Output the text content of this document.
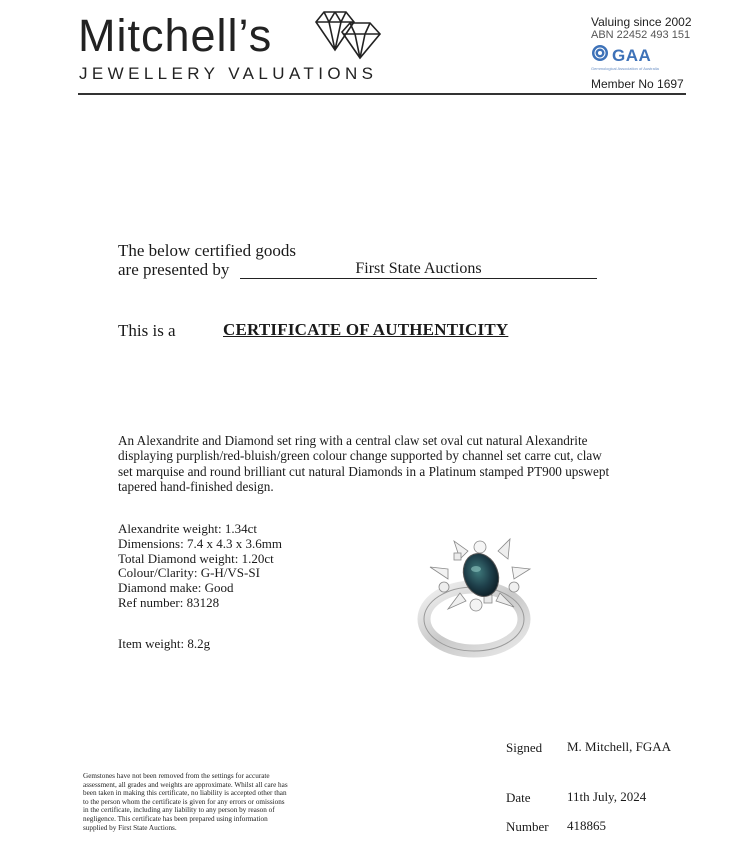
Mitchell’s
JEWELLERY VALUATIONS
Valuing since 2002
ABN 22452 493 151
GAA
Gemmological Association of Australia
Member No 1697
The below certified goods
are presented by	First State Auctions
This is a	CERTIFICATE OF AUTHENTICITY
An Alexandrite and Diamond set ring with a central claw set oval cut natural Alexandrite displaying purplish/red-bluish/green colour change supported by channel set carre cut, claw set marquise and round brilliant cut natural Diamonds in a Platinum stamped PT900 upswept tapered hand-finished design.
Alexandrite weight: 1.34ct
Dimensions: 7.4 x 4.3 x 3.6mm
Total Diamond weight: 1.20ct
Colour/Clarity: G-H/VS-SI
Diamond make: Good
Ref number: 83128
Item weight: 8.2g
Gemstones have not been removed from the settings for accurate assessment, all grades and weights are approximate. Whilst all care has been taken in making this certificate, no liability is accepted other than to the person whom the certificate is given for any errors or omissions in the certificate, including any liability to any person by reason of negligence. This certificate has been prepared using information supplied by First State Auctions.
Signed M. Mitchell, FGAA
Date	11th July, 2024
Number 418865
